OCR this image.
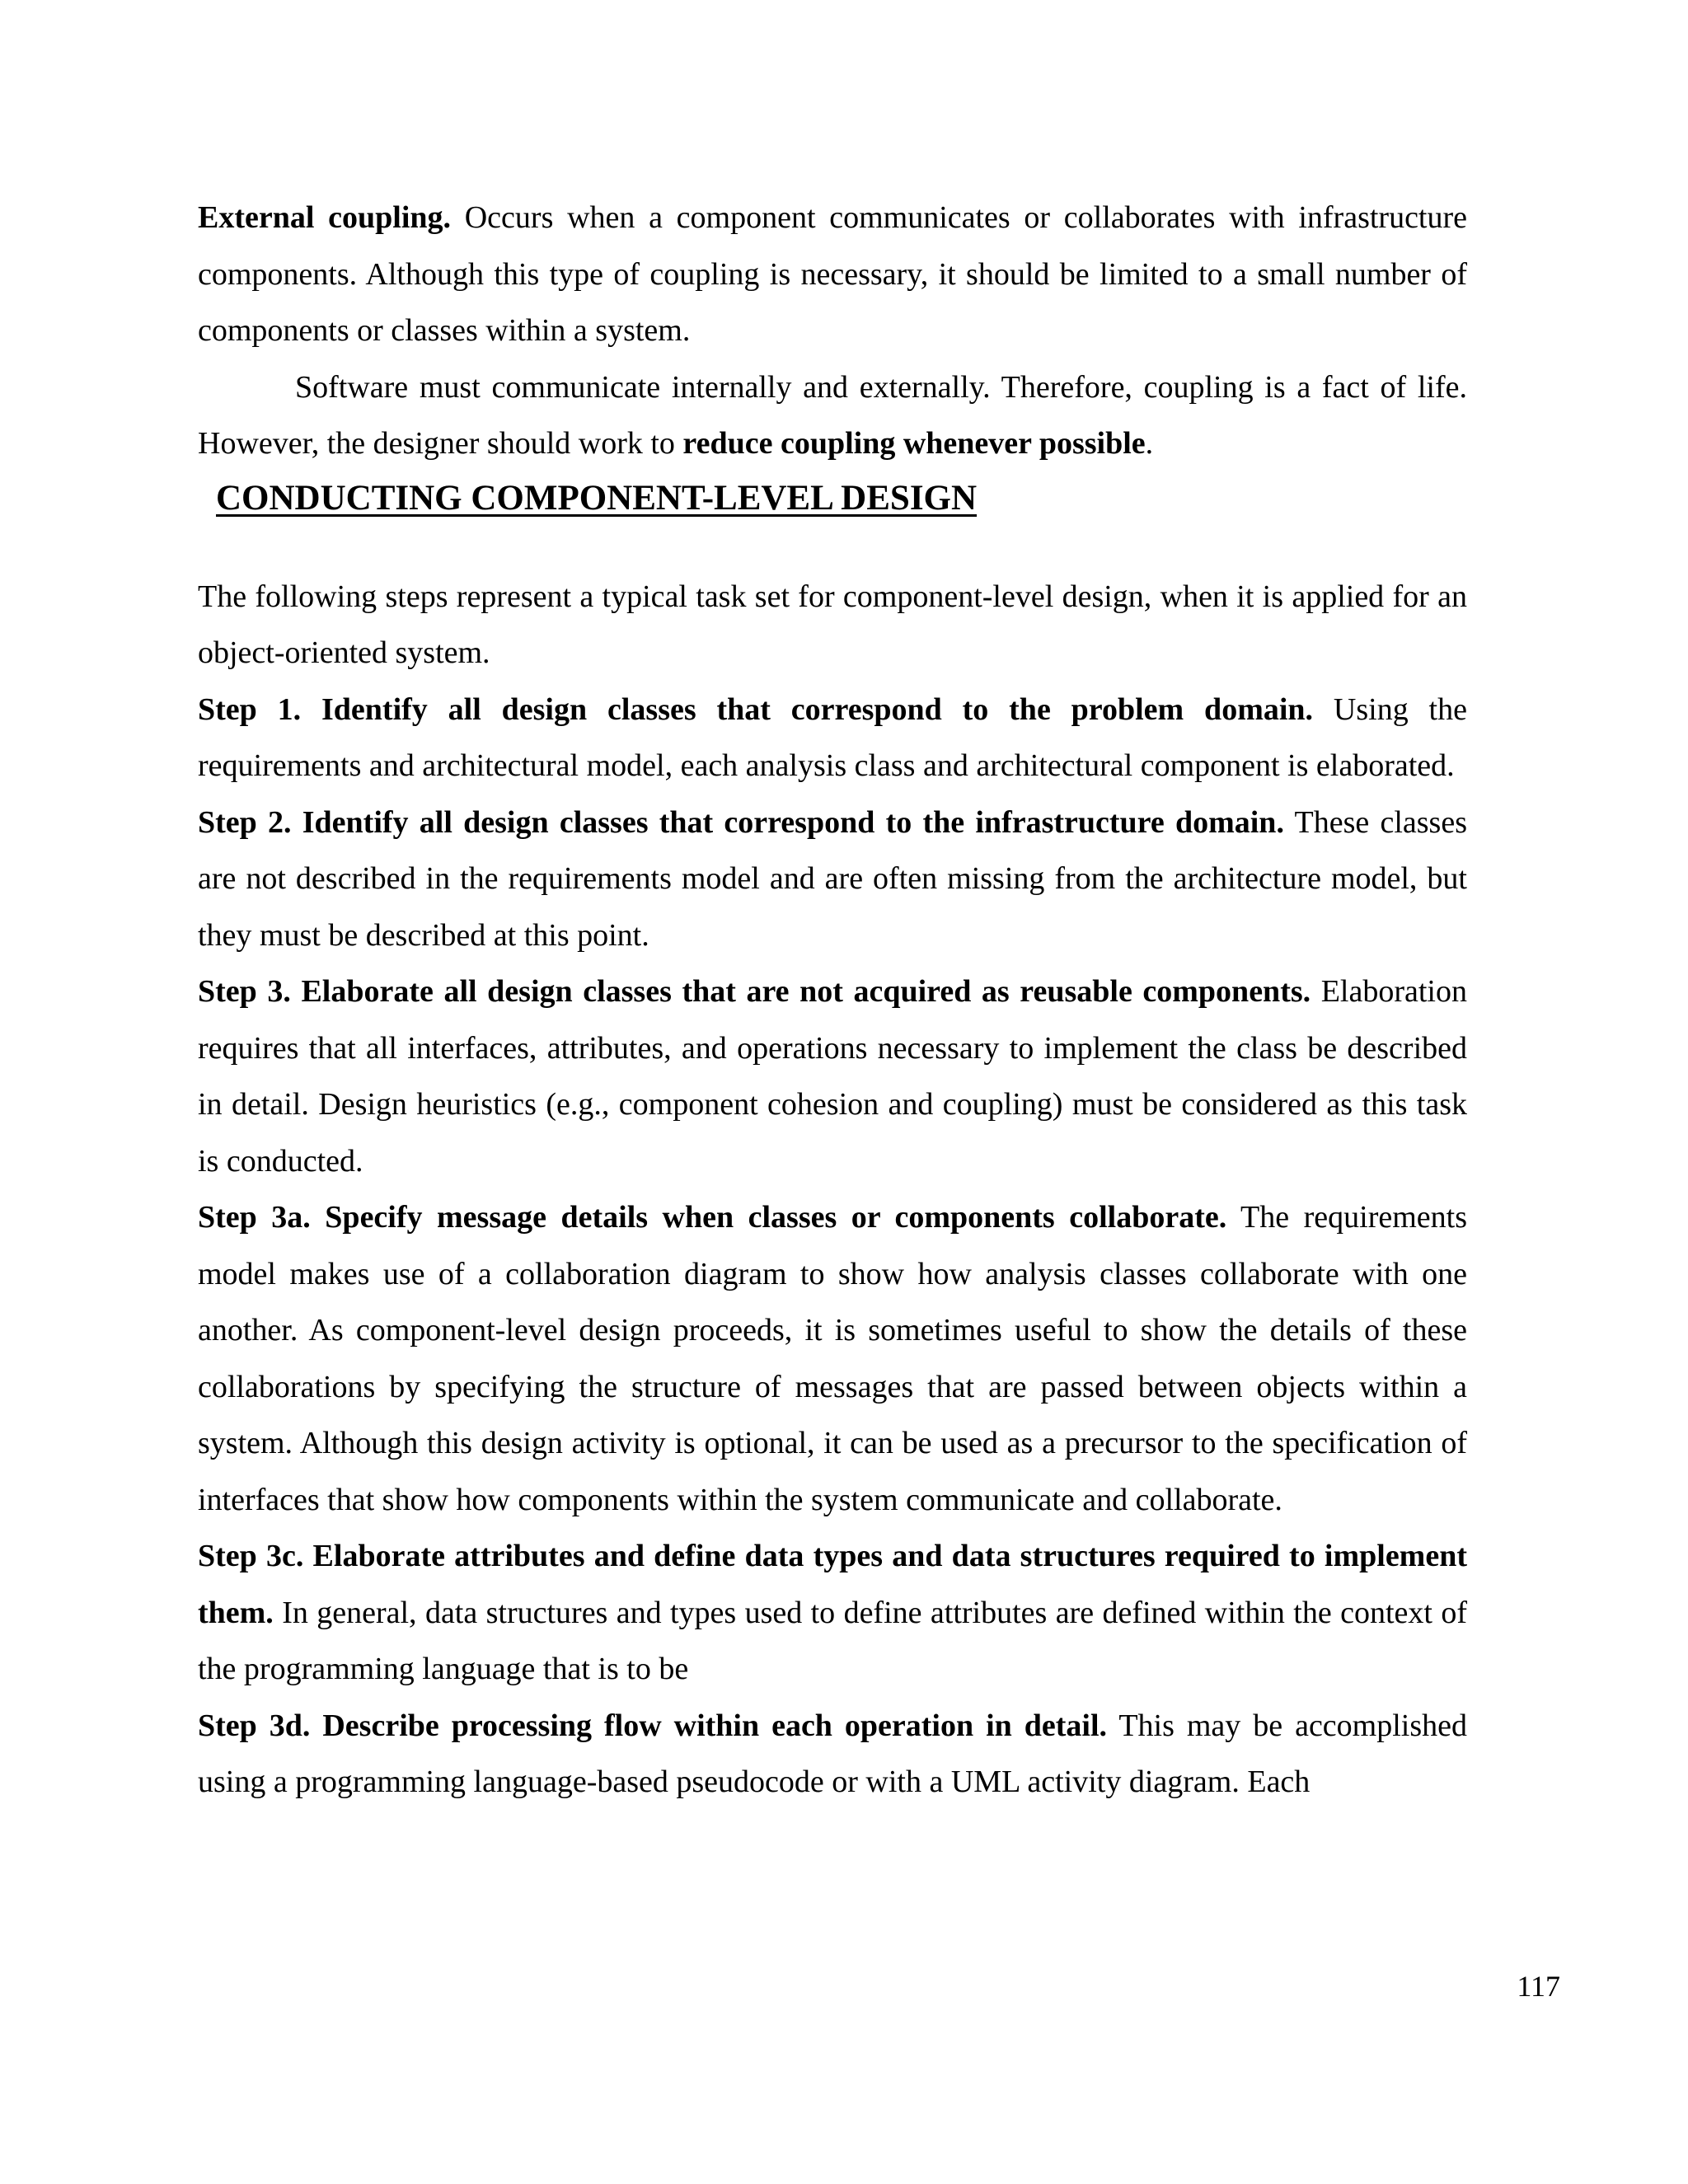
External coupling. Occurs when a component communicates or collaborates with infrastructure components. Although this type of coupling is necessary, it should be limited to a small number of components or classes within a system.

Software must communicate internally and externally. Therefore, coupling is a fact of life. However, the designer should work to reduce coupling whenever possible.

CONDUCTING COMPONENT-LEVEL DESIGN

The following steps represent a typical task set for component-level design, when it is applied for an object-oriented system.

Step 1. Identify all design classes that correspond to the problem domain. Using the requirements and architectural model, each analysis class and architectural component is elaborated.

Step 2. Identify all design classes that correspond to the infrastructure domain. These classes are not described in the requirements model and are often missing from the architecture model, but they must be described at this point.

Step 3. Elaborate all design classes that are not acquired as reusable components. Elaboration requires that all interfaces, attributes, and operations necessary to implement the class be described in detail. Design heuristics (e.g., component cohesion and coupling) must be considered as this task is conducted.

Step 3a. Specify message details when classes or components collaborate. The requirements model makes use of a collaboration diagram to show how analysis classes collaborate with one another. As component-level design proceeds, it is sometimes useful to show the details of these collaborations by specifying the structure of messages that are passed between objects within a system. Although this design activity is optional, it can be used as a precursor to the specification of interfaces that show how components within the system communicate and collaborate.

Step 3c. Elaborate attributes and define data types and data structures required to implement them. In general, data structures and types used to define attributes are defined within the context of the programming language that is to be

Step 3d. Describe processing flow within each operation in detail. This may be accomplished using a programming language-based pseudocode or with a UML activity diagram. Each

117
